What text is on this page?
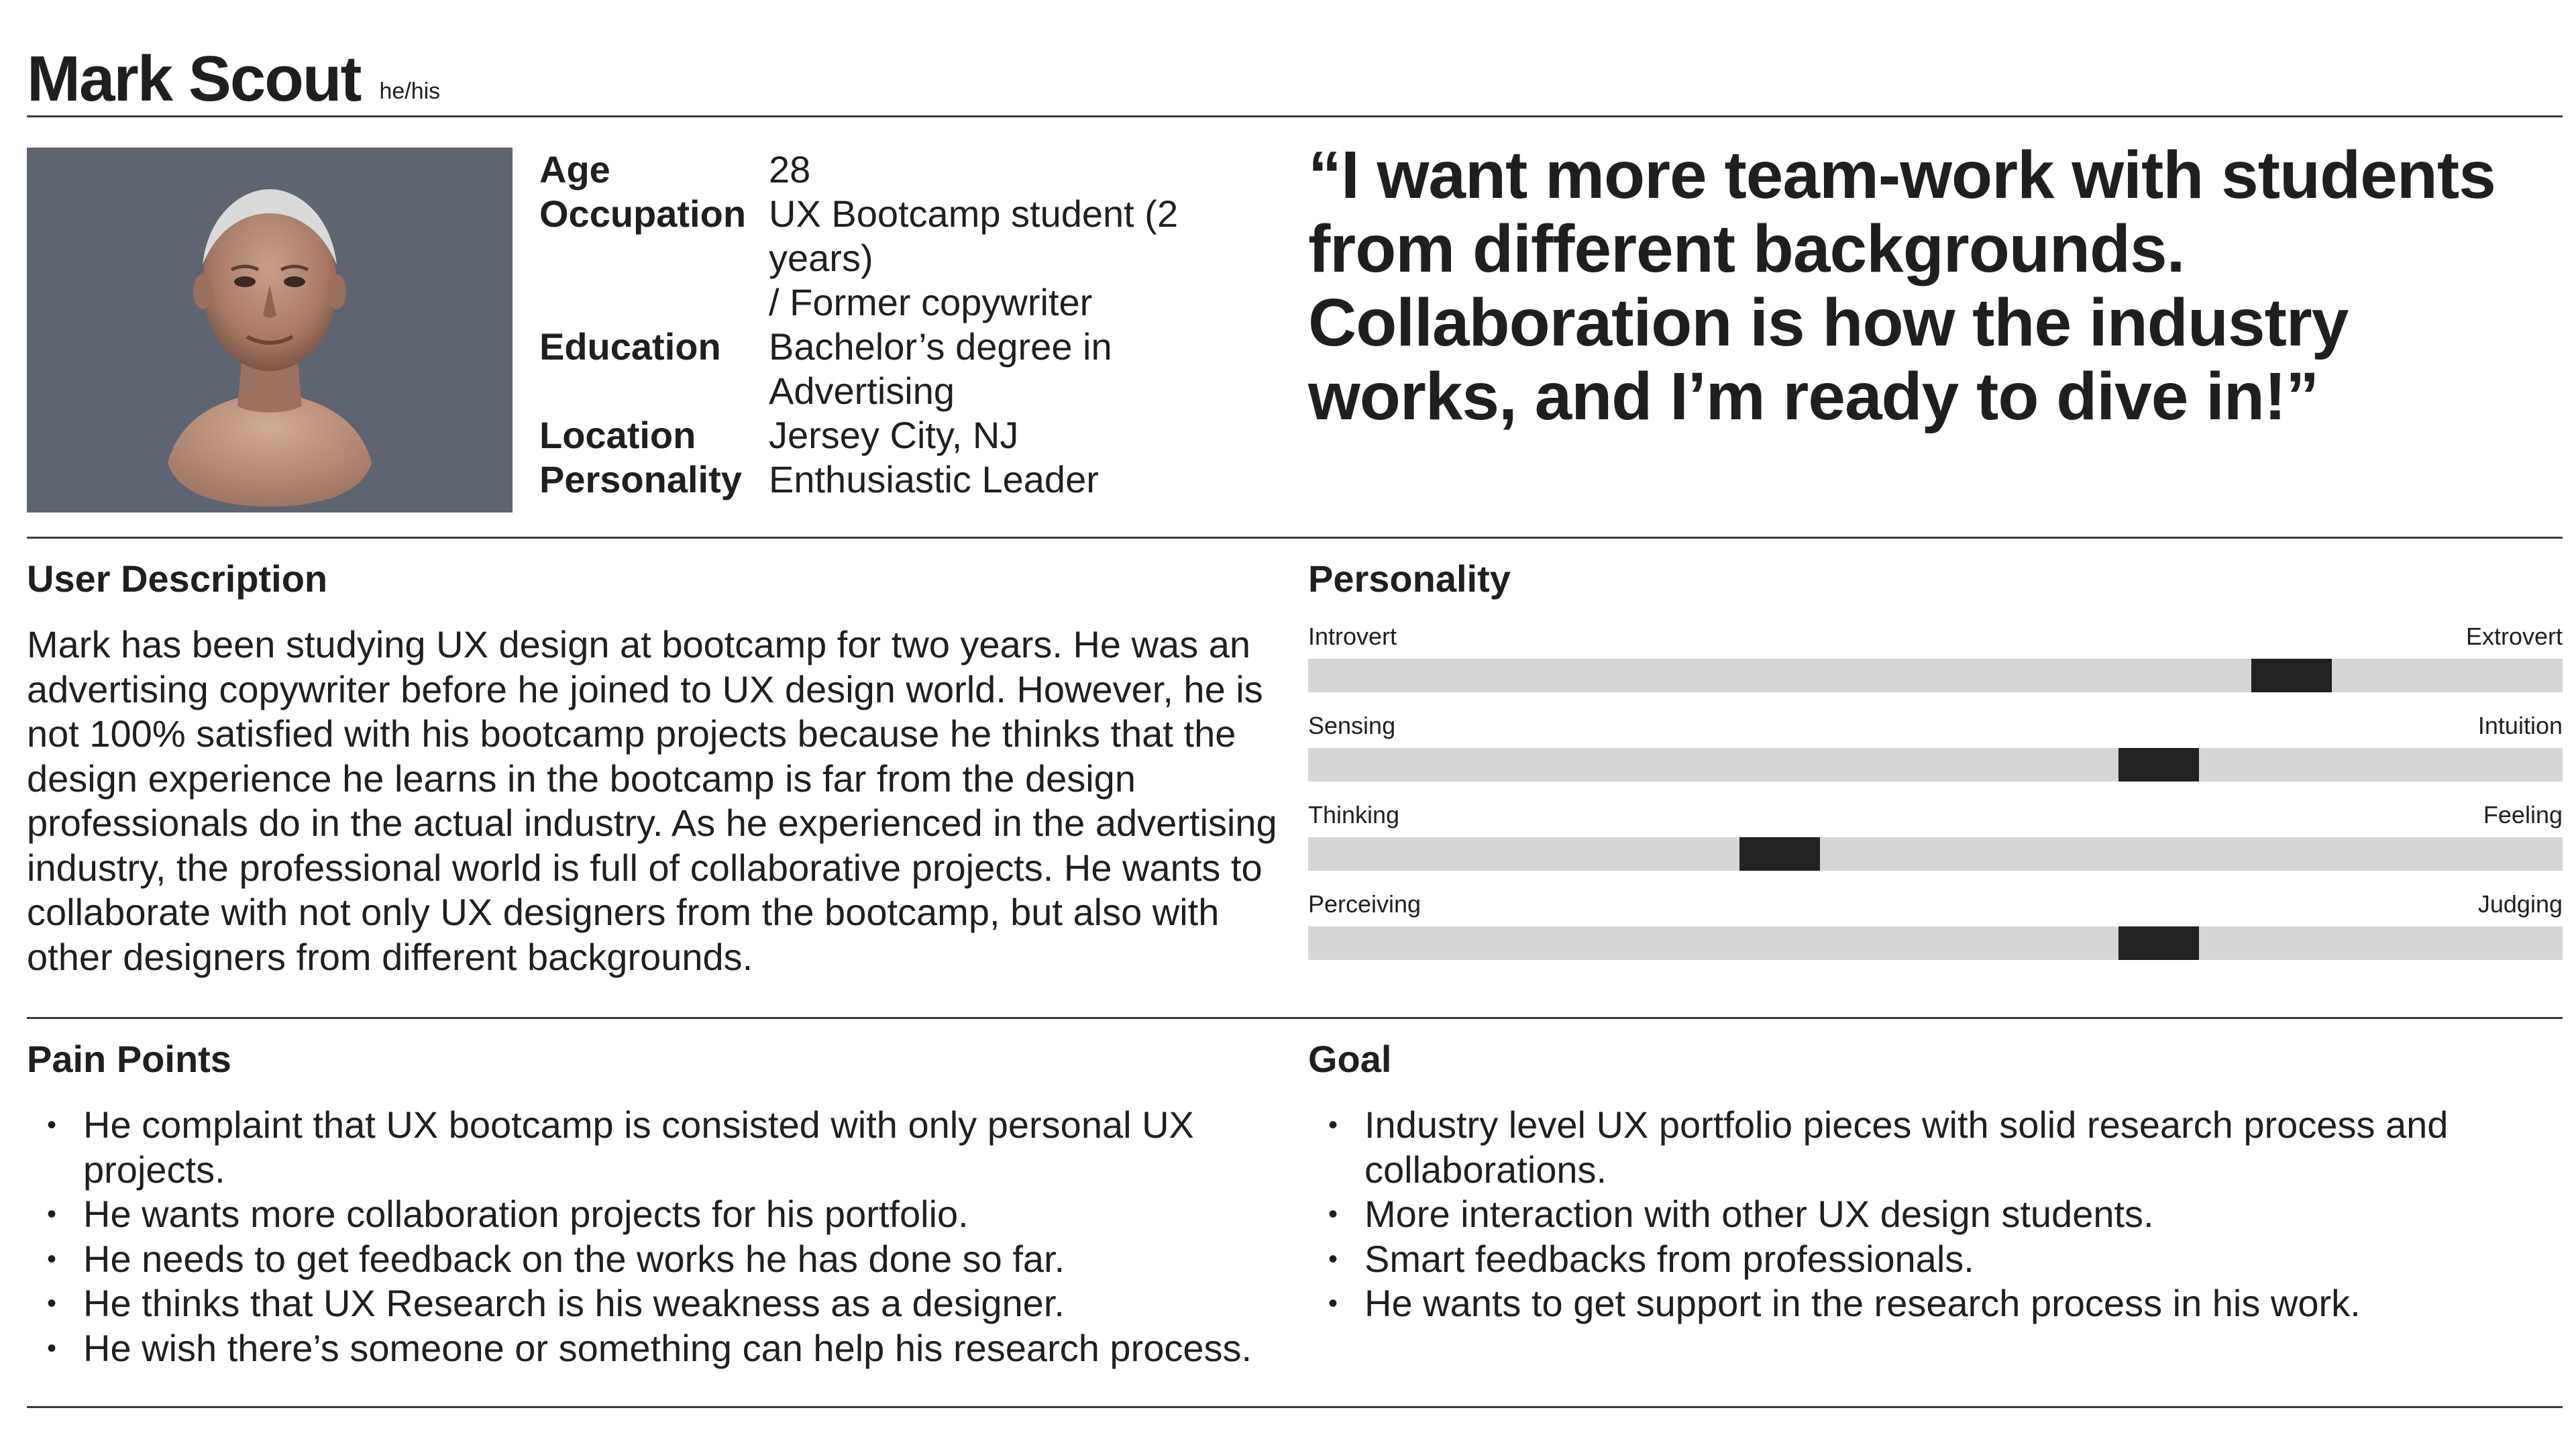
Mark Scout he/his
Age	28
Occupation UX Bootcamp student (2 years)
/ Former copywriter
Education	Bachelor’s degree in Advertising
Location	Jersey City, NJ
Personality Enthusiastic Leader
“I want more team-work with students from different backgrounds. Collaboration is how the industry works, and I’m ready to dive in!”
User Description
Mark has been studying UX design at bootcamp for two years. He was an advertising copywriter before he joined to UX design world. However, he is not 100% satisfied with his bootcamp projects because he thinks that the design experience he learns in the bootcamp is far from the design professionals do in the actual industry. As he experienced in the advertising industry, the professional world is full of collaborative projects. He wants to collaborate with not only UX designers from the bootcamp, but also with other designers from different backgrounds.
Personality
Introvert	Extrovert
Sensing	Intuition
Thinking	Feeling
Perceiving	Judging
Pain Points
• He complaint that UX bootcamp is consisted with only personal UX projects.
• He wants more collaboration projects for his portfolio.
• He needs to get feedback on the works he has done so far.
• He thinks that UX Research is his weakness as a designer.
• He wish there’s someone or something can help his research process.
Goal
• Industry level UX portfolio pieces with solid research process and collaborations.
• More interaction with other UX design students.
• Smart feedbacks from professionals.
• He wants to get support in the research process in his work.
